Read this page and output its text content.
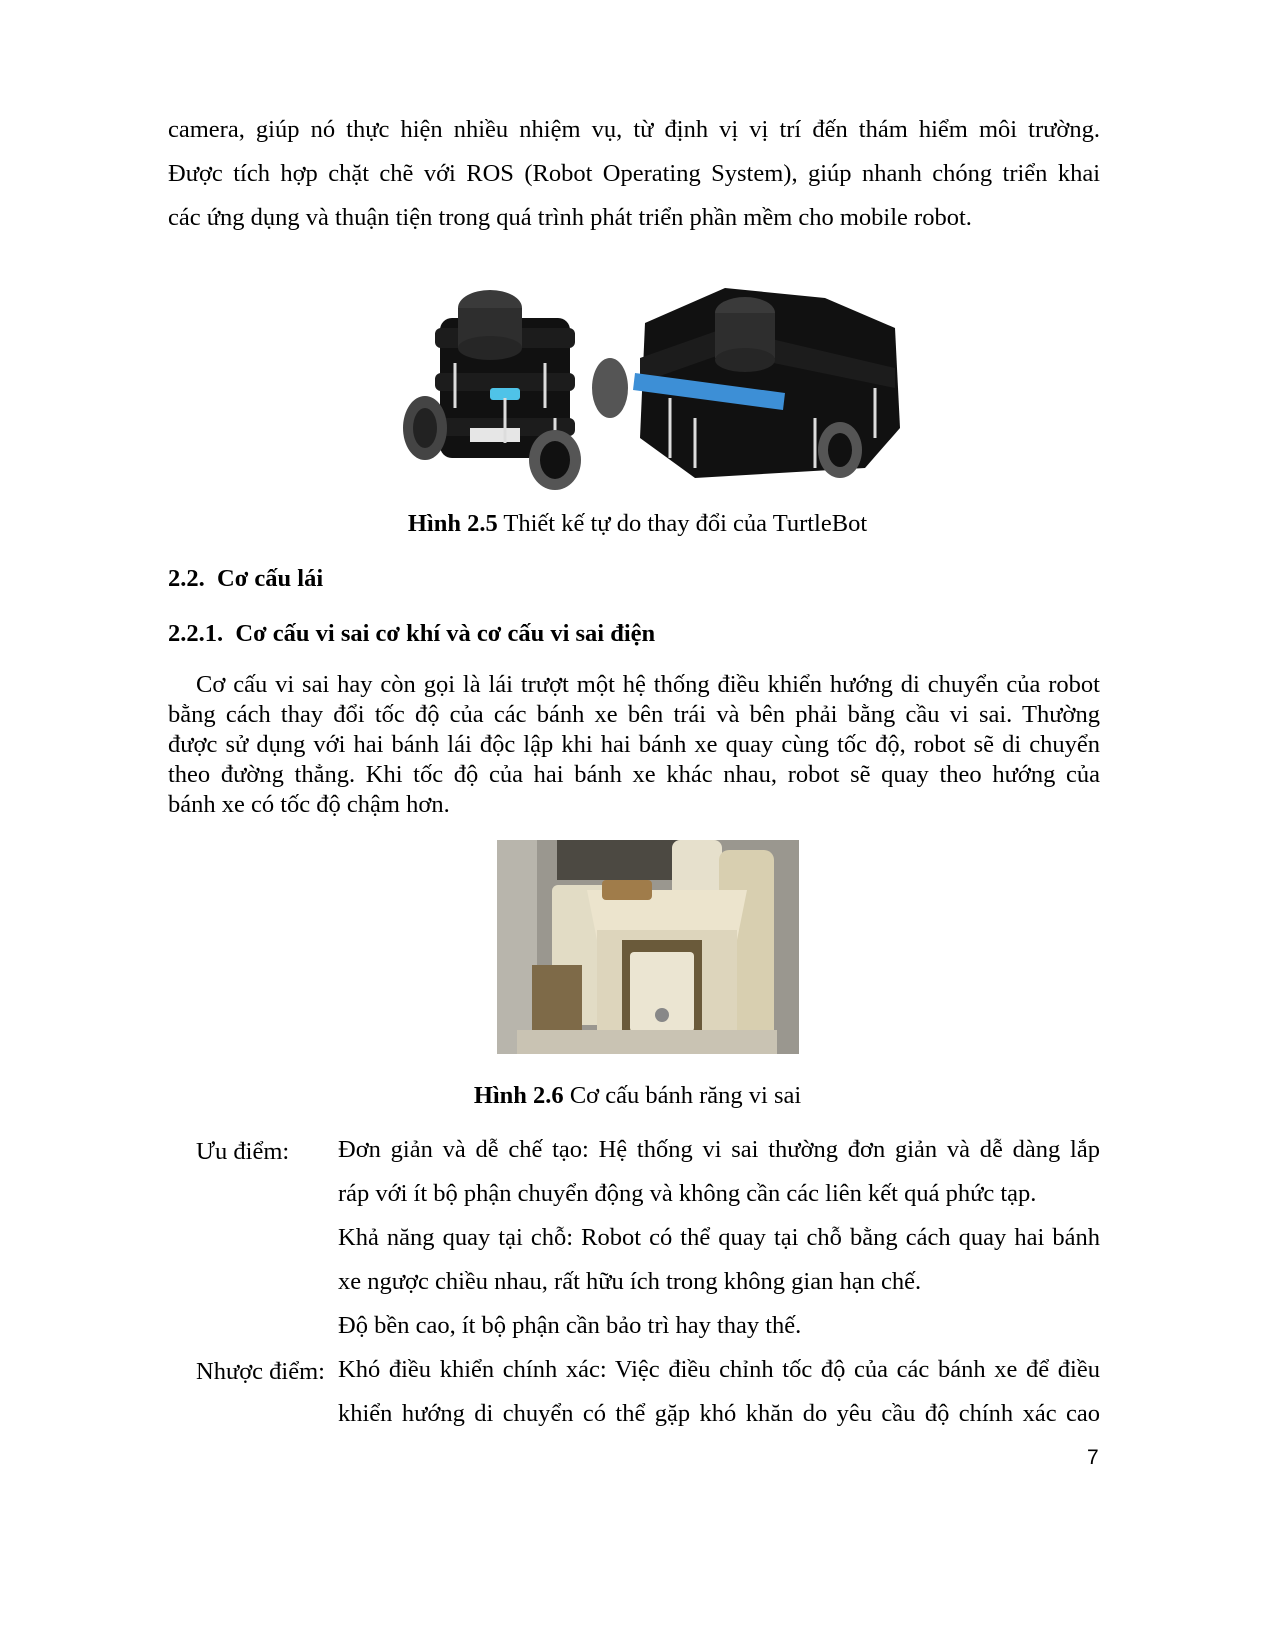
camera, giúp nó thực hiện nhiều nhiệm vụ, từ định vị vị trí đến thám hiểm môi trường.
Được tích hợp chặt chẽ với ROS (Robot Operating System), giúp nhanh chóng triển khai
các ứng dụng và thuận tiện trong quá trình phát triển phần mềm cho mobile robot.
Hình 2.5 Thiết kế tự do thay đổi của TurtleBot
2.2. Cơ cấu lái
2.2.1. Cơ cấu vi sai cơ khí và cơ cấu vi sai điện
Cơ cấu vi sai hay còn gọi là lái trượt một hệ thống điều khiển hướng di chuyển của robot
bằng cách thay đổi tốc độ của các bánh xe bên trái và bên phải bằng cầu vi sai. Thường
được sử dụng với hai bánh lái độc lập khi hai bánh xe quay cùng tốc độ, robot sẽ di chuyển
theo đường thẳng. Khi tốc độ của hai bánh xe khác nhau, robot sẽ quay theo hướng của
bánh xe có tốc độ chậm hơn.
Hình 2.6 Cơ cấu bánh răng vi sai
Ưu điểm: Đơn giản và dễ chế tạo: Hệ thống vi sai thường đơn giản và dễ dàng lắp
ráp với ít bộ phận chuyển động và không cần các liên kết quá phức tạp.
Khả năng quay tại chỗ: Robot có thể quay tại chỗ bằng cách quay hai bánh
xe ngược chiều nhau, rất hữu ích trong không gian hạn chế.
Độ bền cao, ít bộ phận cần bảo trì hay thay thế.
Nhược điểm: Khó điều khiển chính xác: Việc điều chỉnh tốc độ của các bánh xe để điều
khiển hướng di chuyển có thể gặp khó khăn do yêu cầu độ chính xác cao
7
